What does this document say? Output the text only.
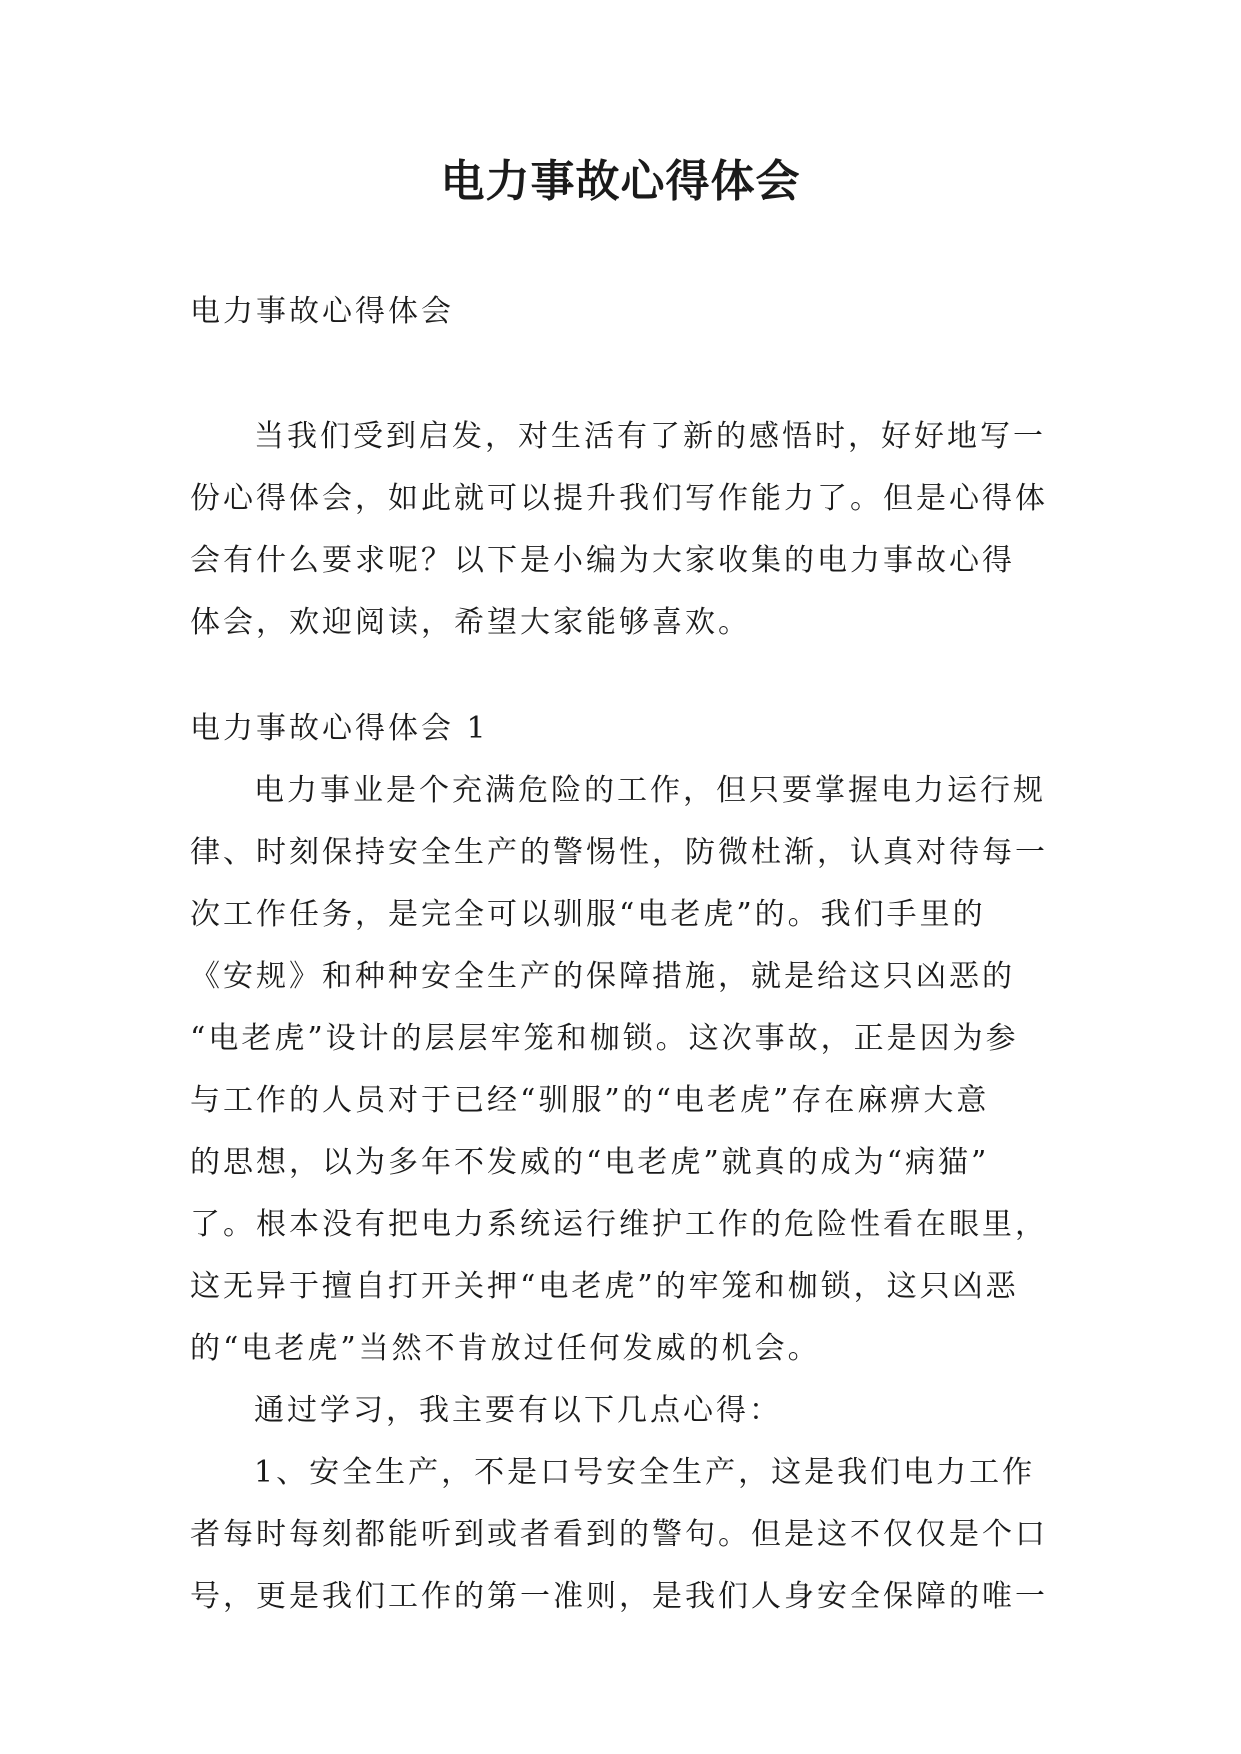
电力事故心得体会

电力事故心得体会

当我们受到启发，对生活有了新的感悟时，好好地写一
份心得体会，如此就可以提升我们写作能力了。但是心得体
会有什么要求呢？以下是小编为大家收集的电力事故心得
体会，欢迎阅读，希望大家能够喜欢。
电力事故心得体会 1
电力事业是个充满危险的工作，但只要掌握电力运行规
律、时刻保持安全生产的警惕性，防微杜渐，认真对待每一
次工作任务，是完全可以驯服“电老虎”的。我们手里的
《安规》和种种安全生产的保障措施，就是给这只凶恶的
“电老虎”设计的层层牢笼和枷锁。这次事故，正是因为参
与工作的人员对于已经“驯服”的“电老虎”存在麻痹大意
的思想，以为多年不发威的“电老虎”就真的成为“病猫”
了。根本没有把电力系统运行维护工作的危险性看在眼里，
这无异于擅自打开关押“电老虎”的牢笼和枷锁，这只凶恶
的“电老虎”当然不肯放过任何发威的机会。
通过学习，我主要有以下几点心得：
1、安全生产，不是口号安全生产，这是我们电力工作
者每时每刻都能听到或者看到的警句。但是这不仅仅是个口
号，更是我们工作的第一准则，是我们人身安全保障的唯一
